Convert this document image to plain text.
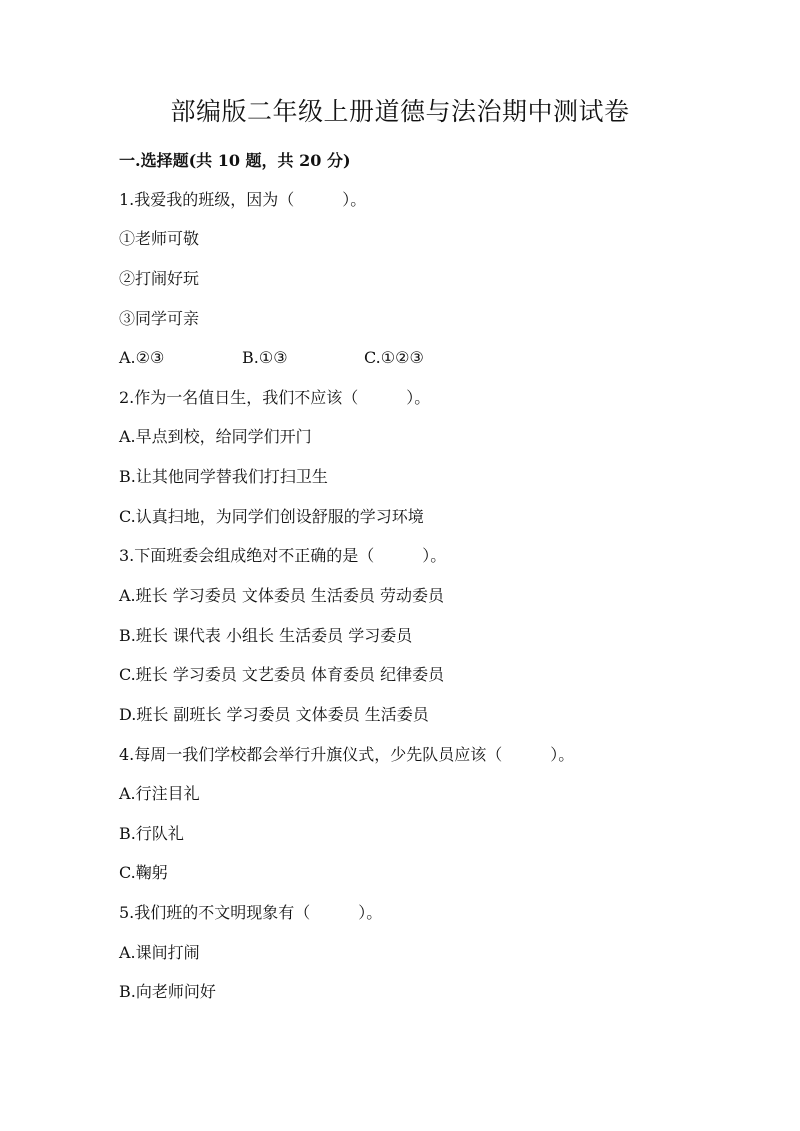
部编版二年级上册道德与法治期中测试卷
一.选择题(共 10 题，共 20 分)
1.我爱我的班级，因为（　　　）。
①老师可敬
②打闹好玩
③同学可亲
A.②③	B.①③	C.①②③
2.作为一名值日生，我们不应该（　　　）。
A.早点到校，给同学们开门
B.让其他同学替我们打扫卫生
C.认真扫地，为同学们创设舒服的学习环境
3.下面班委会组成绝对不正确的是（　　　）。
A.班长 学习委员 文体委员 生活委员 劳动委员
B.班长 课代表 小组长 生活委员 学习委员
C.班长 学习委员 文艺委员 体育委员 纪律委员
D.班长 副班长 学习委员 文体委员 生活委员
4.每周一我们学校都会举行升旗仪式，少先队员应该（　　　）。
A.行注目礼
B.行队礼
C.鞠躬
5.我们班的不文明现象有（　　　）。
A.课间打闹
B.向老师问好
